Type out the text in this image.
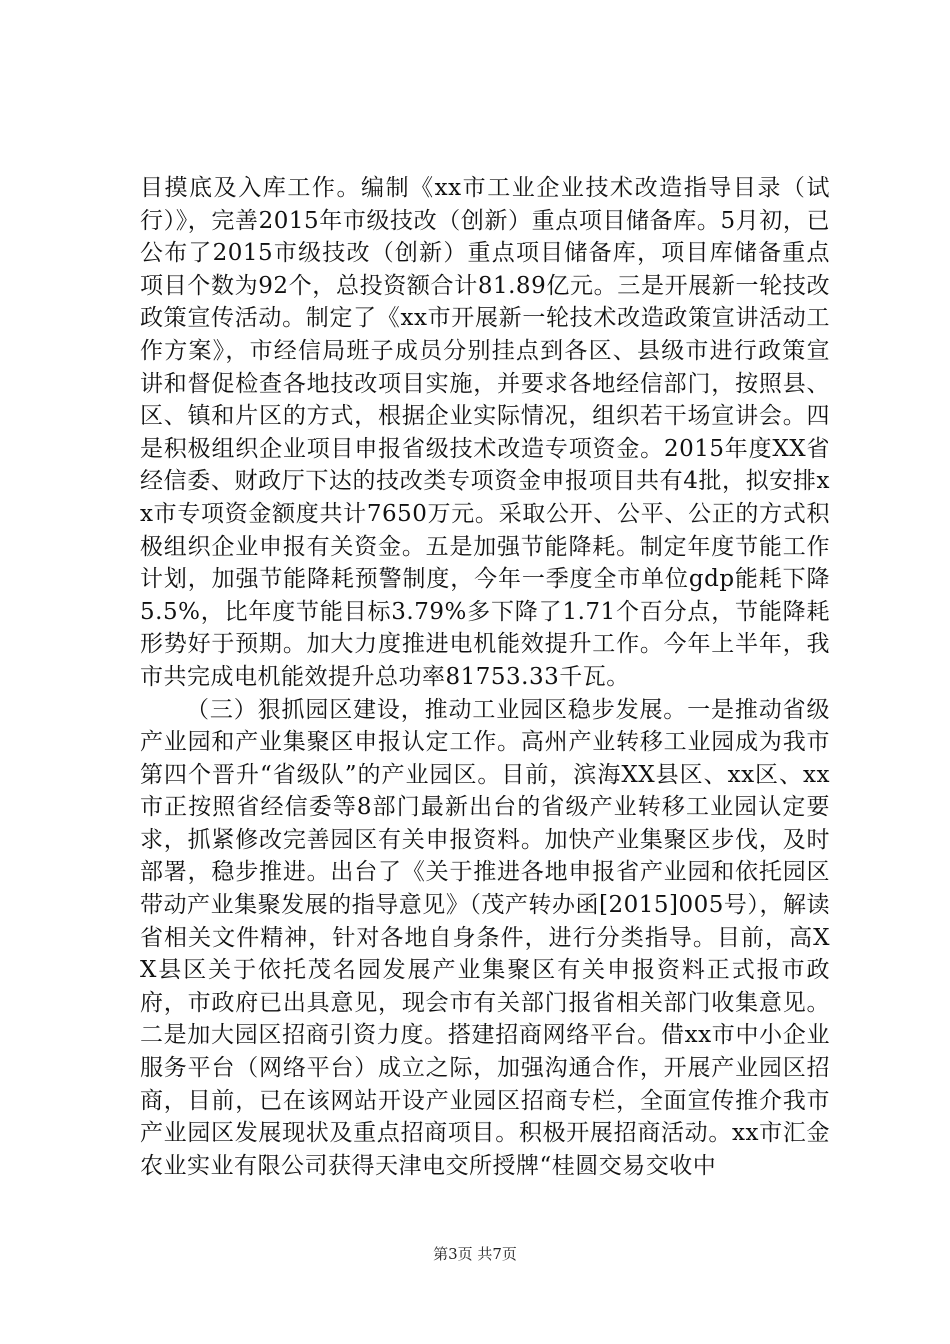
目摸底及入库工作。编制《xx市工业企业技术改造指导目录（试行）》，完善2015年市级技改（创新）重点项目储备库。5月初，已公布了2015市级技改（创新）重点项目储备库，项目库储备重点项目个数为92个，总投资额合计81.89亿元。三是开展新一轮技改政策宣传活动。制定了《xx市开展新一轮技术改造政策宣讲活动工作方案》，市经信局班子成员分别挂点到各区、县级市进行政策宣讲和督促检查各地技改项目实施，并要求各地经信部门，按照县、区、镇和片区的方式，根据企业实际情况，组织若干场宣讲会。四是积极组织企业项目申报省级技术改造专项资金。2015年度XX省经信委、财政厅下达的技改类专项资金申报项目共有4批，拟安排xx市专项资金额度共计7650万元。采取公开、公平、公正的方式积极组织企业申报有关资金。五是加强节能降耗。制定年度节能工作计划，加强节能降耗预警制度，今年一季度全市单位gdp能耗下降5.5%，比年度节能目标3.79%多下降了1.71个百分点，节能降耗形势好于预期。加大力度推进电机能效提升工作。今年上半年，我市共完成电机能效提升总功率81753.33千瓦。

（三）狠抓园区建设，推动工业园区稳步发展。一是推动省级产业园和产业集聚区申报认定工作。高州产业转移工业园成为我市第四个晋升“省级队”的产业园区。目前，滨海XX县区、xx区、xx市正按照省经信委等8部门最新出台的省级产业转移工业园认定要求，抓紧修改完善园区有关申报资料。加快产业集聚区步伐，及时部署，稳步推进。出台了《关于推进各地申报省产业园和依托园区带动产业集聚发展的指导意见》（茂产转办函[2015]005号），解读省相关文件精神，针对各地自身条件，进行分类指导。目前，高XX县区关于依托茂名园发展产业集聚区有关申报资料正式报市政府，市政府已出具意见，现会市有关部门报省相关部门收集意见。二是加大园区招商引资力度。搭建招商网络平台。借xx市中小企业服务平台（网络平台）成立之际，加强沟通合作，开展产业园区招商，目前，已在该网站开设产业园区招商专栏，全面宣传推介我市产业园区发展现状及重点招商项目。积极开展招商活动。xx市汇金农业实业有限公司获得天津电交所授牌“桂圆交易交收中

第3页 共7页
